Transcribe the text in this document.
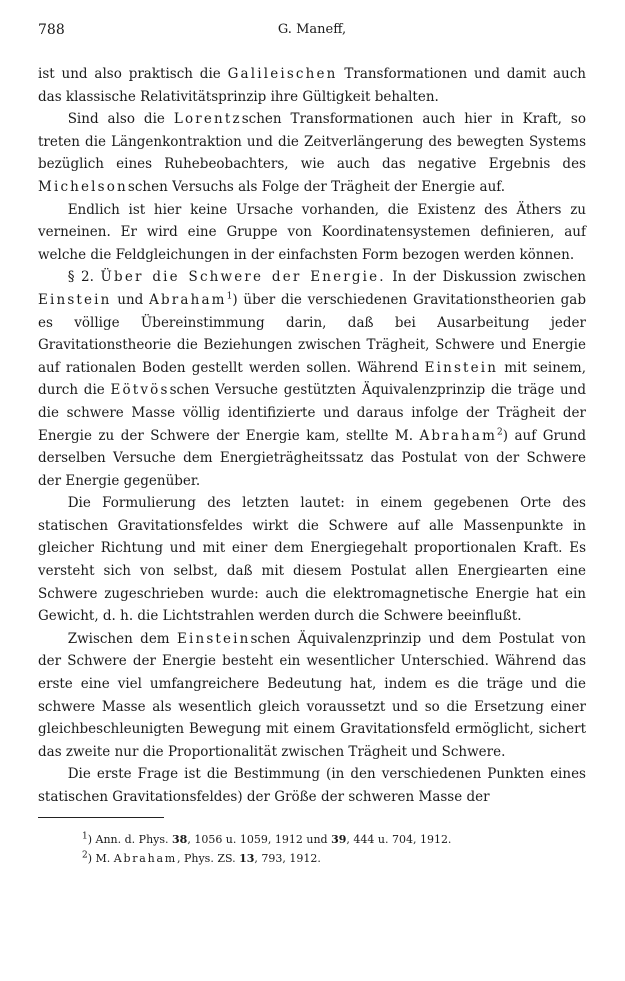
788	G. Maneff,

ist und also praktisch die Galileischen Transformationen und damit auch das klassische Relativitätsprinzip ihre Gültigkeit behalten.

Sind also die Lorentzschen Transformationen auch hier in Kraft, so treten die Längenkontraktion und die Zeitverlängerung des bewegten Systems bezüglich eines Ruhebeobachters, wie auch das negative Ergebnis des Michelsonschen Versuchs als Folge der Trägheit der Energie auf.

Endlich ist hier keine Ursache vorhanden, die Existenz des Äthers zu verneinen. Er wird eine Gruppe von Koordinatensystemen definieren, auf welche die Feldgleichungen in der einfachsten Form bezogen werden können.

§ 2. Über die Schwere der Energie. In der Diskussion zwischen Einstein und Abraham$^1$) über die verschiedenen Gravitationstheorien gab es völlige Übereinstimmung darin, daß bei Ausarbeitung jeder Gravitationstheorie die Beziehungen zwischen Trägheit, Schwere und Energie auf rationalen Boden gestellt werden sollen. Während Einstein mit seinem, durch die Eötvösschen Versuche gestützten Äquivalenzprinzip die träge und die schwere Masse völlig identifizierte und daraus infolge der Trägheit der Energie zu der Schwere der Energie kam, stellte M. Abraham$^2$) auf Grund derselben Versuche dem Energieträgheitssatz das Postulat von der Schwere der Energie gegenüber.

Die Formulierung des letzten lautet: in einem gegebenen Orte des statischen Gravitationsfeldes wirkt die Schwere auf alle Massenpunkte in gleicher Richtung und mit einer dem Energiegehalt proportionalen Kraft. Es versteht sich von selbst, daß mit diesem Postulat allen Energiearten eine Schwere zugeschrieben wurde: auch die elektromagnetische Energie hat ein Gewicht, d. h. die Lichtstrahlen werden durch die Schwere beeinflußt.

Zwischen dem Einsteinschen Äquivalenzprinzip und dem Postulat von der Schwere der Energie besteht ein wesentlicher Unterschied. Während das erste eine viel umfangreichere Bedeutung hat, indem es die träge und die schwere Masse als wesentlich gleich voraussetzt und so die Ersetzung einer gleichbeschleunigten Bewegung mit einem Gravitationsfeld ermöglicht, sichert das zweite nur die Proportionalität zwischen Trägheit und Schwere.

Die erste Frage ist die Bestimmung (in den verschiedenen Punkten eines statischen Gravitationsfeldes) der Größe der schweren Masse der

$^1$) Ann. d. Phys. 38, 1056 u. 1059, 1912 und 39, 444 u. 704, 1912.
$^2$) M. Abraham, Phys. ZS. 13, 793, 1912.
